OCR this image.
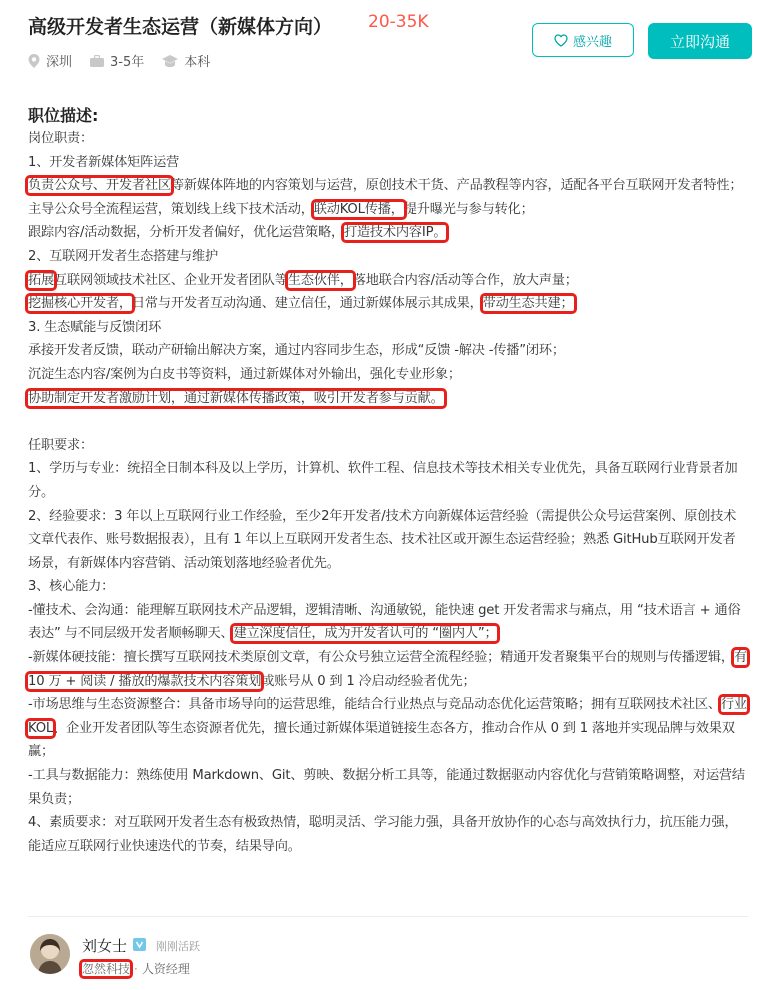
高级开发者生态运营（新媒体方向） 20-35K
深圳	3-5年	本科
感兴趣	立即沟通
职位描述:

岗位职责：

1、开发者新媒体矩阵运营

负责公众号、开发者社区等新媒体阵地的内容策划与运营，原创技术干货、产品教程等内容，适配各平台互联网开发者特性；

主导公众号全流程运营，策划线上线下技术活动，联动KOL传播，提升曝光与参与转化；

跟踪内容/活动数据，分析开发者偏好，优化运营策略，打造技术内容IP。

2、互联网开发者生态搭建与维护

拓展互联网领域技术社区、企业开发者团队等生态伙伴，落地联合内容/活动等合作，放大声量；

挖掘核心开发者，日常与开发者互动沟通、建立信任，通过新媒体展示其成果，带动生态共建；

3. 生态赋能与反馈闭环

承接开发者反馈，联动产研输出解决方案，通过内容同步生态，形成“反馈 -解决 -传播”闭环；

沉淀生态内容/案例为白皮书等资料，通过新媒体对外输出，强化专业形象；

协助制定开发者激励计划，通过新媒体传播政策，吸引开发者参与贡献。

任职要求：

1、学历与专业：统招全日制本科及以上学历，计算机、软件工程、信息技术等技术相关专业优先，具备互联网行业背景者加分。

2、经验要求：3 年以上互联网行业工作经验，至少2年开发者/技术方向新媒体运营经验（需提供公众号运营案例、原创技术文章代表作、账号数据报表），且有 1 年以上互联网开发者生态、技术社区或开源生态运营经验；熟悉 GitHub互联网开发者场景，有新媒体内容营销、活动策划落地经验者优先。

3、核心能力：

-懂技术、会沟通：能理解互联网技术产品逻辑，逻辑清晰、沟通敏锐，能快速 get 开发者需求与痛点，用 “技术语言 + 通俗表达” 与不同层级开发者顺畅聊天、建立深度信任，成为开发者认可的 “圈内人”；

-新媒体硬技能：擅长撰写互联网技术类原创文章，有公众号独立运营全流程经验；精通开发者聚集平台的规则与传播逻辑，有 10 万 + 阅读 / 播放的爆款技术内容策划或账号从 0 到 1 冷启动经验者优先；

-市场思维与生态资源整合：具备市场导向的运营思维，能结合行业热点与竞品动态优化运营策略；拥有互联网技术社区、行业 KOL、企业开发者团队等生态资源者优先，擅长通过新媒体渠道链接生态各方，推动合作从 0 到 1 落地并实现品牌与效果双赢；

-工具与数据能力：熟练使用 Markdown、Git、剪映、数据分析工具等，能通过数据驱动内容优化与营销策略调整，对运营结果负责；

4、素质要求：对互联网开发者生态有极致热情，聪明灵活、学习能力强，具备开放协作的心态与高效执行力，抗压能力强，能适应互联网行业快速迭代的节奏，结果导向。

刘女士	刚刚活跃
忽然科技 · 人资经理
